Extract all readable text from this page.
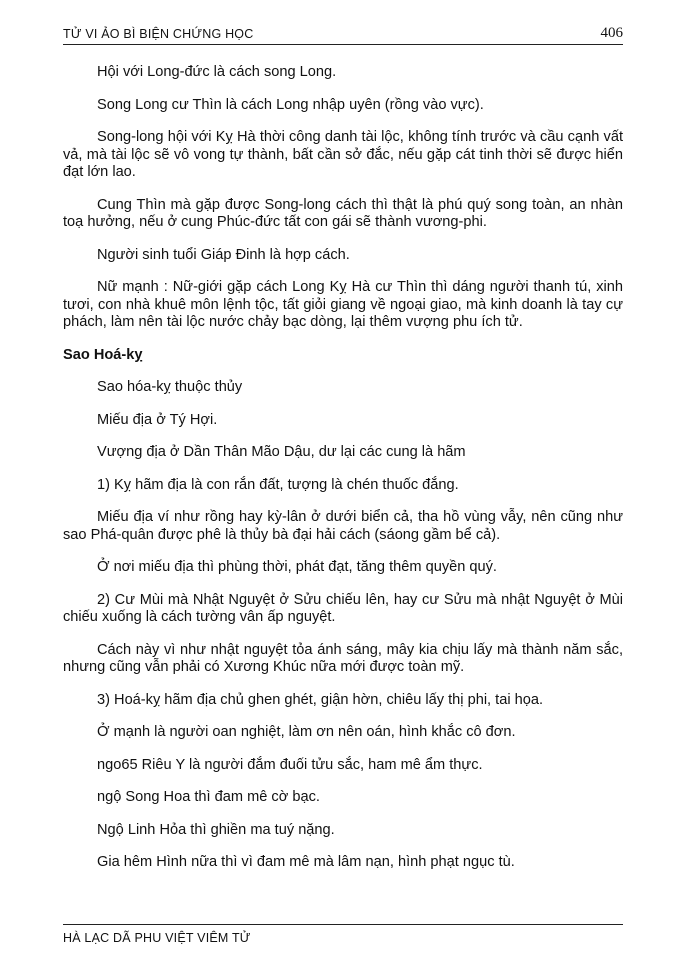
TỬ VI ẢO BÌ BIỆN CHỨNG HỌC	406

Hội với Long-đức là cách song Long.

Song Long cư Thìn là cách Long nhập uyên (rồng vào vực).

Song-long hội với Kỵ Hà thời công danh tài lộc, không tính trước và cầu cạnh vất vả, mà tài lộc sẽ vô vong tự thành, bất cần sở đắc, nếu gặp cát tinh thời sẽ được hiển đạt lớn lao.

Cung Thìn mà gặp được Song-long cách thì thật là phú quý song toàn, an nhàn toạ hưởng, nếu ở cung Phúc-đức tất con gái sẽ thành vương-phi.

Người sinh tuổi Giáp Đinh là hợp cách.

Nữ mạnh : Nữ-giới gặp cách Long Kỵ Hà cư Thìn thì dáng người thanh tú, xinh tươi, con nhà khuê môn lệnh tộc, tất giỏi giang về ngoại giao, mà kinh doanh là tay cự phách, làm nên tài lộc nước chảy bạc dòng, lại thêm vượng phu ích tử.

Sao Hoá-kỵ

Sao hóa-kỵ thuộc thủy

Miếu địa ở Tý Hợi.

Vượng địa ở Dần Thân Mão Dậu, dư lại các cung là hãm

1) Kỵ hãm địa là con rắn đất, tượng là chén thuốc đắng.

Miếu địa ví như rồng hay kỳ-lân ở dưới biển cả, tha hồ vùng vẫy, nên cũng như sao Phá-quân được phê là thủy bà đại hải cách (sáong gầm bể cả).

Ở nơi miếu địa thì phùng thời, phát đạt, tăng thêm quyền quý.

2) Cư Mùi mà Nhật Nguyệt ở Sửu chiếu lên, hay cư Sửu mà nhật Nguyệt ở Mùi chiếu xuống là cách tường vân ấp nguyệt.

Cách này vì như nhật nguyệt tỏa ánh sáng, mây kia chịu lấy mà thành năm sắc, nhưng cũng vẫn phải có Xương Khúc nữa mới được toàn mỹ.

3) Hoá-kỵ hãm địa chủ ghen ghét, giận hờn, chiêu lấy thị phi, tai họa.

Ở mạnh là người oan nghiệt, làm ơn nên oán, hình khắc cô đơn.

ngo65 Riêu Y là người đắm đuối tửu sắc, ham mê ẩm thực.

ngộ Song Hoa thì đam mê cờ bạc.

Ngộ Linh Hỏa thì ghiền ma tuý nặng.

Gia hêm Hình nữa thì vì đam mê mà lâm nạn, hình phạt ngục tù.

HÀ LẠC DÃ PHU VIỆT VIÊM TỬ
